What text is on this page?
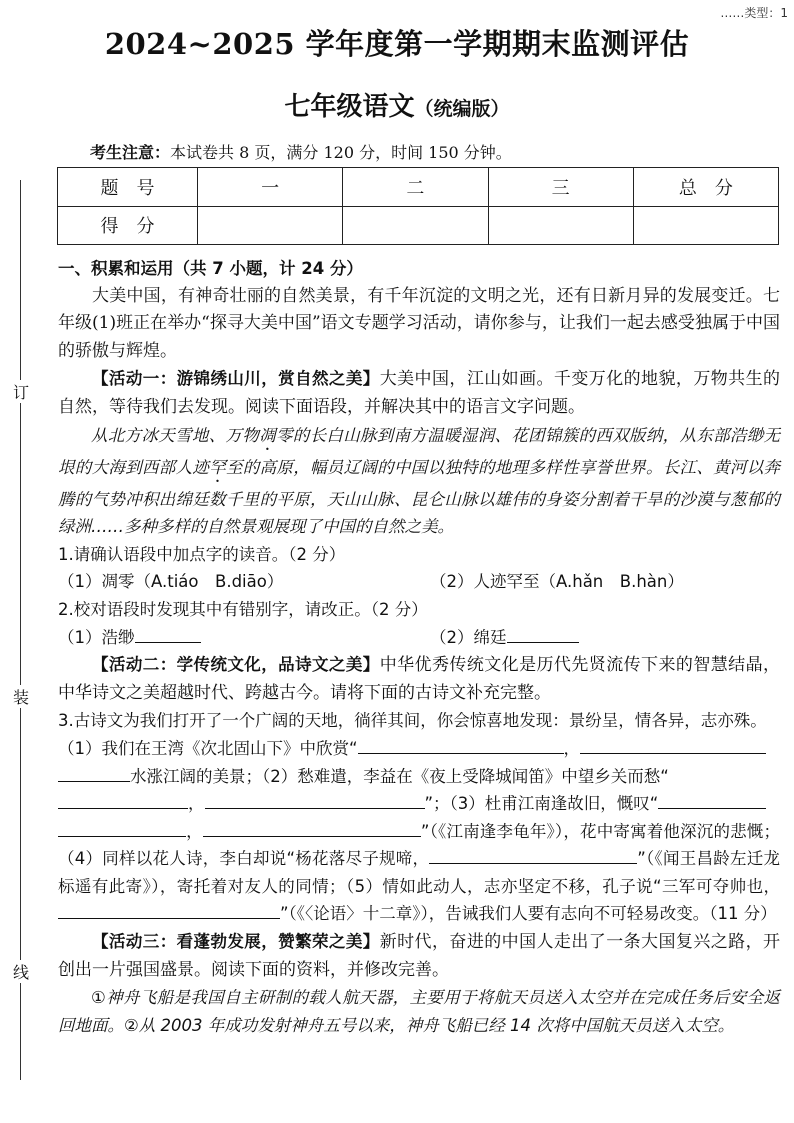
……类型：1
2024~2025 学年度第一学期期末监测评估
七年级语文（统编版）
考生注意：本试卷共 8 页，满分 120 分，时间 150 分钟。
题　号	一	二	三	总　分
得　分				
订
装
线

一、积累和运用（共 7 小题，计 24 分）

大美中国，有神奇壮丽的自然美景，有千年沉淀的文明之光，还有日新月异的发展变迁。七年级(1)班正在举办“探寻大美中国”语文专题学习活动，请你参与，让我们一起去感受独属于中国的骄傲与辉煌。

【活动一：游锦绣山川，赏自然之美】大美中国，江山如画。千变万化的地貌，万物共生的自然，等待我们去发现。阅读下面语段，并解决其中的语言文字问题。

从北方冰天雪地、万物凋零的长白山脉到南方温暖湿润、花团锦簇的西双版纳，从东部浩缈无垠的大海到西部人迹罕至的高原，幅员辽阔的中国以独特的地理多样性享誉世界。长江、黄河以奔腾的气势冲积出绵廷数千里的平原，天山山脉、昆仑山脉以雄伟的身姿分割着干旱的沙漠与葱郁的绿洲……多种多样的自然景观展现了中国的自然之美。

1.请确认语段中加点字的读音。（2 分）

（1）凋零（A.tiáo　B.diāo）	（2）人迹罕至（A.hǎn　B.hàn）

2.校对语段时发现其中有错别字，请改正。（2 分）

（1）浩缈	（2）绵廷

【活动二：学传统文化，品诗文之美】中华优秀传统文化是历代先贤流传下来的智慧结晶，中华诗文之美超越时代、跨越古今。请将下面的古诗文补充完整。

3.古诗文为我们打开了一个广阔的天地，徜徉其间，你会惊喜地发现：景纷呈，情各异，志亦殊。

（1）我们在王湾《次北固山下》中欣赏“	，
水涨江阔的美景；（2）愁难遣，李益在《夜上受降城闻笛》中望乡关而愁“
，	”；（3）杜甫江南逢故旧，慨叹“
，	”（《江南逢李龟年》），花中寄寓着他深沉的悲慨；（4）同样以花人诗，李白却说“杨花落尽子规啼，	”（《闻王昌龄左迁龙标遥有此寄》），寄托着对友人的同情；（5）情如此动人，志亦坚定不移，孔子说“三军可夺帅也，”（《〈论语〉十二章》），告诫我们人要有志向不可轻易改变。（11 分）

【活动三：看蓬勃发展，赞繁荣之美】新时代，奋进的中国人走出了一条大国复兴之路，开创出一片强国盛景。阅读下面的资料，并修改完善。

①神舟飞船是我国自主研制的载人航天器，主要用于将航天员送入太空并在完成任务后安全返回地面。②从 2003 年成功发射神舟五号以来，神舟飞船已经 14 次将中国航天员送入太空。
